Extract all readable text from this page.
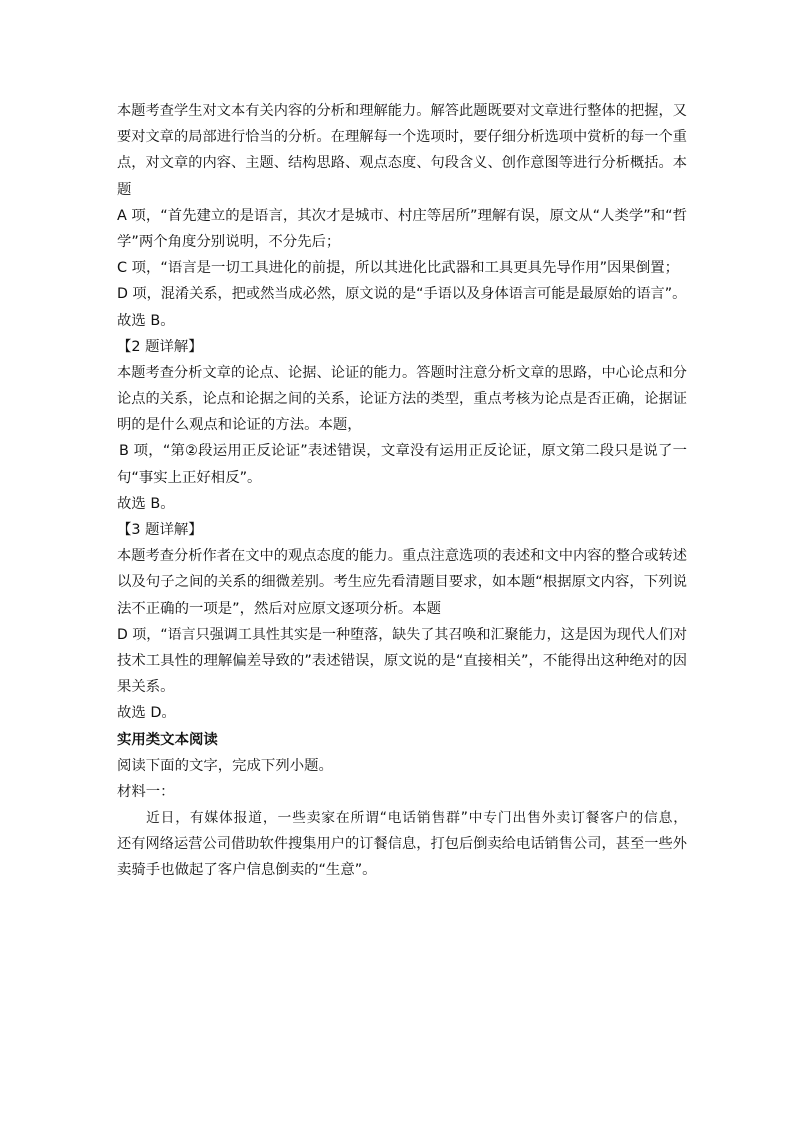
本题考查学生对文本有关内容的分析和理解能力。解答此题既要对文章进行整体的把握，又
要对文章的局部进行恰当的分析。在理解每一个选项时，要仔细分析选项中赏析的每一个重
点，对文章的内容、主题、结构思路、观点态度、句段含义、创作意图等进行分析概括。本
题
A 项，“首先建立的是语言，其次才是城市、村庄等居所”理解有误，原文从“人类学”和“哲
学”两个角度分别说明，不分先后；
C 项，“语言是一切工具进化的前提，所以其进化比武器和工具更具先导作用”因果倒置；
D 项，混淆关系，把或然当成必然，原文说的是“手语以及身体语言可能是最原始的语言”。
故选 B。
【2 题详解】
本题考查分析文章的论点、论据、论证的能力。答题时注意分析文章的思路，中心论点和分
论点的关系，论点和论据之间的关系，论证方法的类型，重点考核为论点是否正确，论据证
明的是什么观点和论证的方法。本题，
B 项，“第②段运用正反论证”表述错误，文章没有运用正反论证，原文第二段只是说了一
句“事实上正好相反”。
故选 B。
【3 题详解】
本题考查分析作者在文中的观点态度的能力。重点注意选项的表述和文中内容的整合或转述
以及句子之间的关系的细微差别。考生应先看清题目要求，如本题“根据原文内容，下列说
法不正确的一项是”，然后对应原文逐项分析。本题
D 项，“语言只强调工具性其实是一种堕落，缺失了其召唤和汇聚能力，这是因为现代人们对
技术工具性的理解偏差导致的”表述错误，原文说的是“直接相关”，不能得出这种绝对的因
果关系。
故选 D。
实用类文本阅读
阅读下面的文字，完成下列小题。
材料一：
近日，有媒体报道，一些卖家在所谓“电话销售群”中专门出售外卖订餐客户的信息，
还有网络运营公司借助软件搜集用户的订餐信息，打包后倒卖给电话销售公司，甚至一些外
卖骑手也做起了客户信息倒卖的“生意”。
